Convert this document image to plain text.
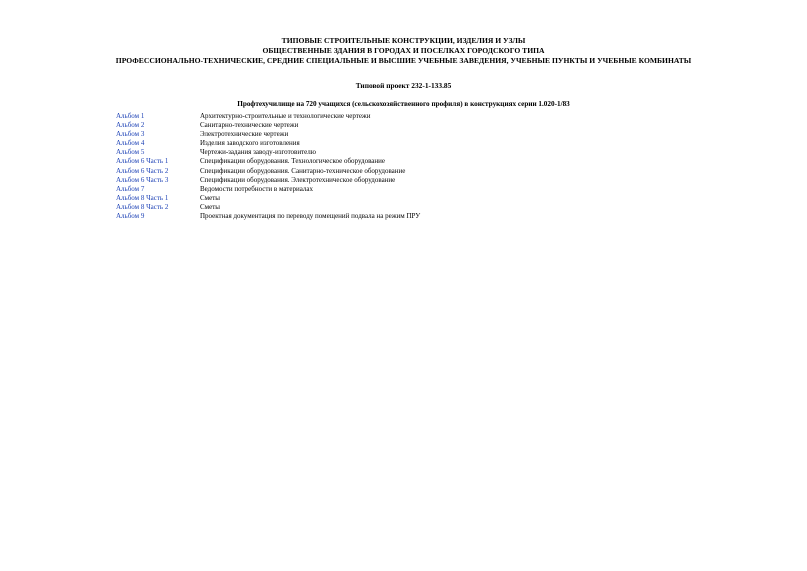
ТИПОВЫЕ СТРОИТЕЛЬНЫЕ КОНСТРУКЦИИ, ИЗДЕЛИЯ И УЗЛЫ
ОБЩЕСТВЕННЫЕ ЗДАНИЯ В ГОРОДАХ И ПОСЕЛКАХ ГОРОДСКОГО ТИПА
ПРОФЕССИОНАЛЬНО-ТЕХНИЧЕСКИЕ, СРЕДНИЕ СПЕЦИАЛЬНЫЕ И ВЫСШИЕ УЧЕБНЫЕ ЗАВЕДЕНИЯ, УЧЕБНЫЕ ПУНКТЫ И УЧЕБНЫЕ КОМБИНАТЫ
Типовой проект 232-1-133.85
Профтехучилище на 720 учащихся (сельскохозяйственного профиля) в конструкциях серии 1.020-1/83
Альбом 1	Архитектурно-строительные и технологические чертежи
Альбом 2	Санитарно-технические чертежи
Альбом 3	Электротехнические чертежи
Альбом 4	Изделия заводского изготовления
Альбом 5	Чертежи-задания заводу-изготовителю
Альбом 6 Часть 1	Спецификации оборудования. Технологическое оборудование
Альбом 6 Часть 2	Спецификации оборудования. Санитарно-техническое оборудование
Альбом 6 Часть 3	Спецификации оборудования. Электротехническое оборудование
Альбом 7	Ведомости потребности в материалах
Альбом 8 Часть 1	Сметы
Альбом 8 Часть 2	Сметы
Альбом 9	Проектная документация по переводу помещений подвала на режим ПРУ
